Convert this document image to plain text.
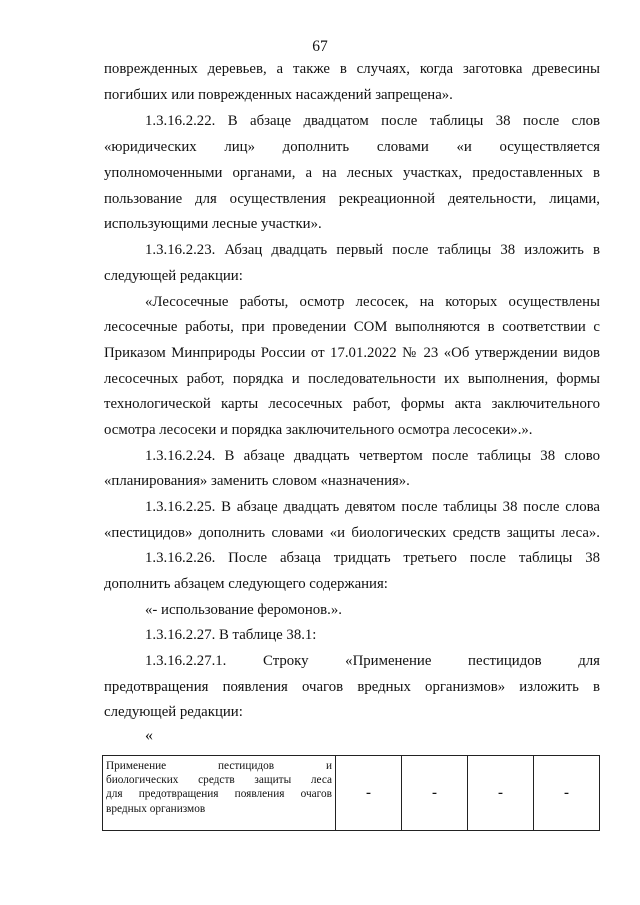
67
поврежденных деревьев, а также в случаях, когда заготовка древесины
погибших или поврежденных насаждений запрещена».
1.3.16.2.22. В абзаце двадцатом после таблицы 38 после слов
«юридических лиц» дополнить словами «и осуществляется
уполномоченными органами, а на лесных участках, предоставленных в
пользование для осуществления рекреационной деятельности, лицами,
использующими лесные участки».
1.3.16.2.23. Абзац двадцать первый после таблицы 38 изложить в
следующей редакции:
«Лесосечные работы, осмотр лесосек, на которых осуществлены
лесосечные работы, при проведении СОМ выполняются в соответствии с
Приказом Минприроды России от 17.01.2022 № 23 «Об утверждении видов
лесосечных работ, порядка и последовательности их выполнения, формы
технологической карты лесосечных работ, формы акта заключительного
осмотра лесосеки и порядка заключительного осмотра лесосеки».».
1.3.16.2.24. В абзаце двадцать четвертом после таблицы 38 слово
«планирования» заменить словом «назначения».
1.3.16.2.25. В абзаце двадцать девятом после таблицы 38 после слова
«пестицидов» дополнить словами «и биологических средств защиты леса».
1.3.16.2.26. После абзаца тридцать третьего после таблицы 38
дополнить абзацем следующего содержания:
«- использование феромонов.».
1.3.16.2.27. В таблице 38.1:
1.3.16.2.27.1. Строку «Применение пестицидов для
предотвращения появления очагов вредных организмов» изложить в
следующей редакции:
«
Применение пестицидов и
биологических средств защиты леса
для предотвращения появления очагов
вредных организмов
	-	-	-	-
